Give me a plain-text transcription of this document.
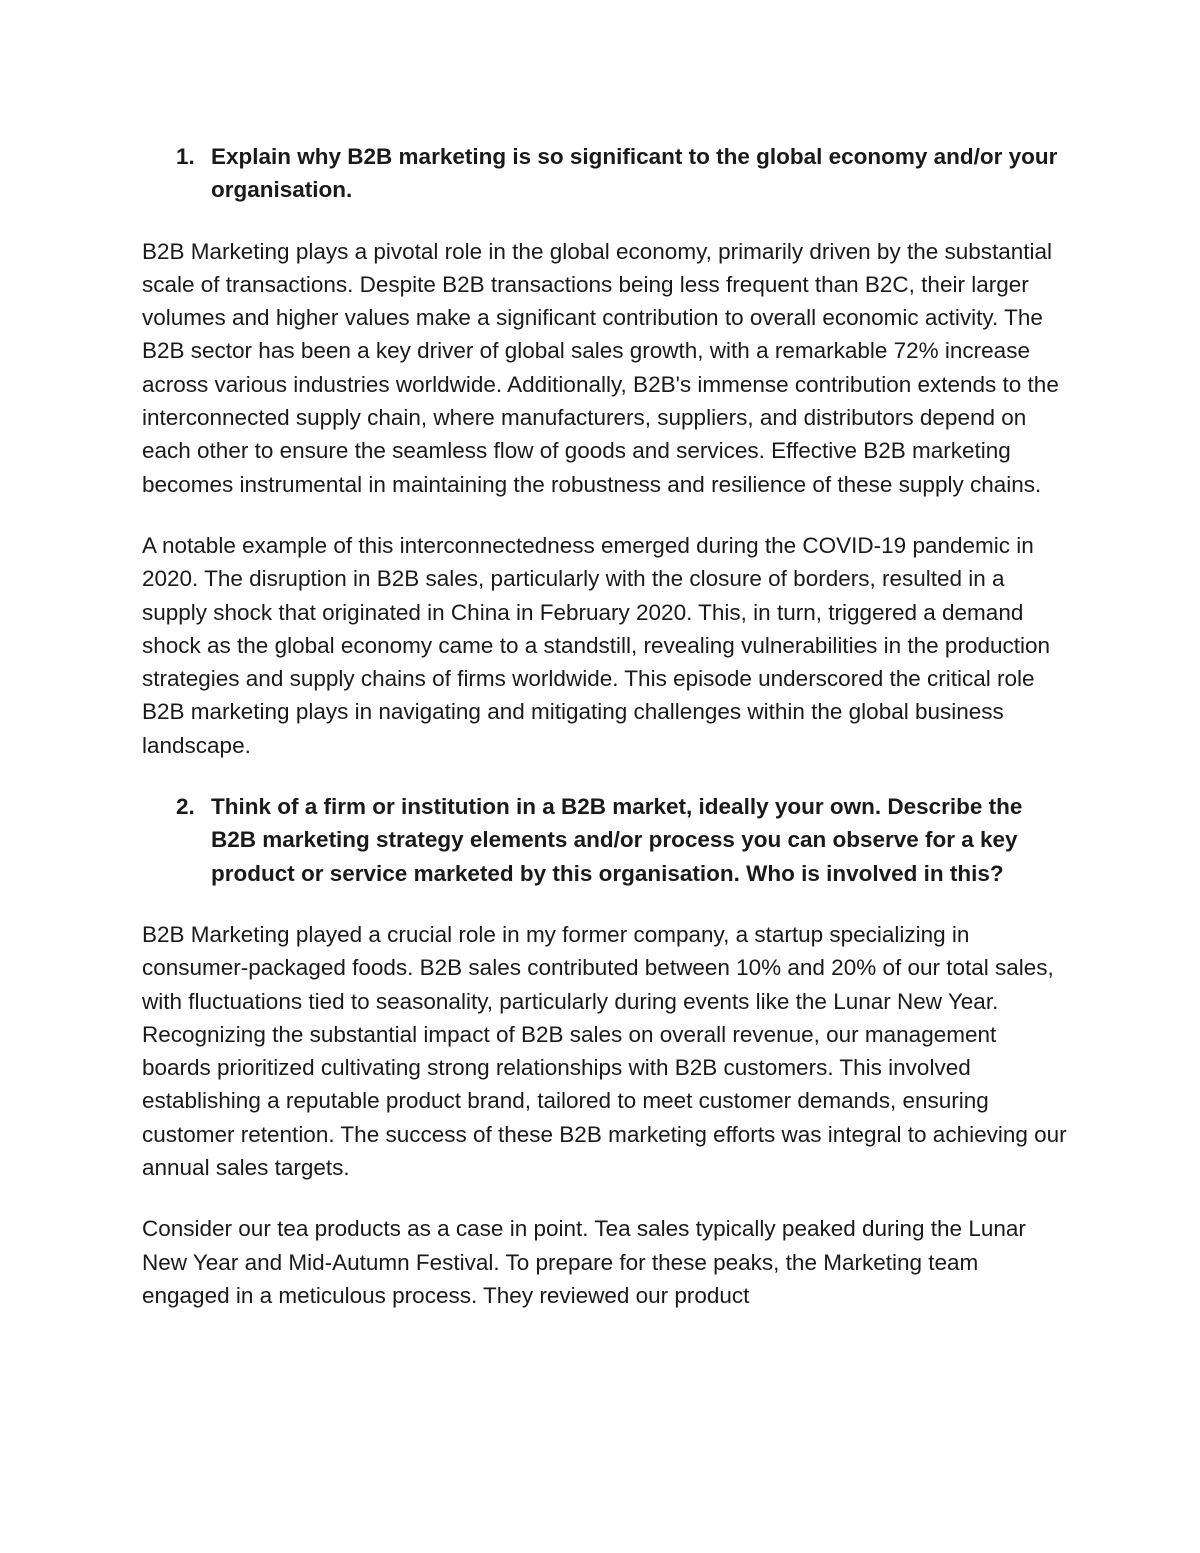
1. Explain why B2B marketing is so significant to the global economy and/or your organisation.

B2B Marketing plays a pivotal role in the global economy, primarily driven by the substantial scale of transactions. Despite B2B transactions being less frequent than B2C, their larger volumes and higher values make a significant contribution to overall economic activity. The B2B sector has been a key driver of global sales growth, with a remarkable 72% increase across various industries worldwide. Additionally, B2B's immense contribution extends to the interconnected supply chain, where manufacturers, suppliers, and distributors depend on each other to ensure the seamless flow of goods and services. Effective B2B marketing becomes instrumental in maintaining the robustness and resilience of these supply chains.

A notable example of this interconnectedness emerged during the COVID-19 pandemic in 2020. The disruption in B2B sales, particularly with the closure of borders, resulted in a supply shock that originated in China in February 2020. This, in turn, triggered a demand shock as the global economy came to a standstill, revealing vulnerabilities in the production strategies and supply chains of firms worldwide. This episode underscored the critical role B2B marketing plays in navigating and mitigating challenges within the global business landscape.

2. Think of a firm or institution in a B2B market, ideally your own. Describe the B2B marketing strategy elements and/or process you can observe for a key product or service marketed by this organisation. Who is involved in this?

B2B Marketing played a crucial role in my former company, a startup specializing in consumer-packaged foods. B2B sales contributed between 10% and 20% of our total sales, with fluctuations tied to seasonality, particularly during events like the Lunar New Year. Recognizing the substantial impact of B2B sales on overall revenue, our management boards prioritized cultivating strong relationships with B2B customers. This involved establishing a reputable product brand, tailored to meet customer demands, ensuring customer retention. The success of these B2B marketing efforts was integral to achieving our annual sales targets.

Consider our tea products as a case in point. Tea sales typically peaked during the Lunar New Year and Mid-Autumn Festival. To prepare for these peaks, the Marketing team engaged in a meticulous process. They reviewed our product
